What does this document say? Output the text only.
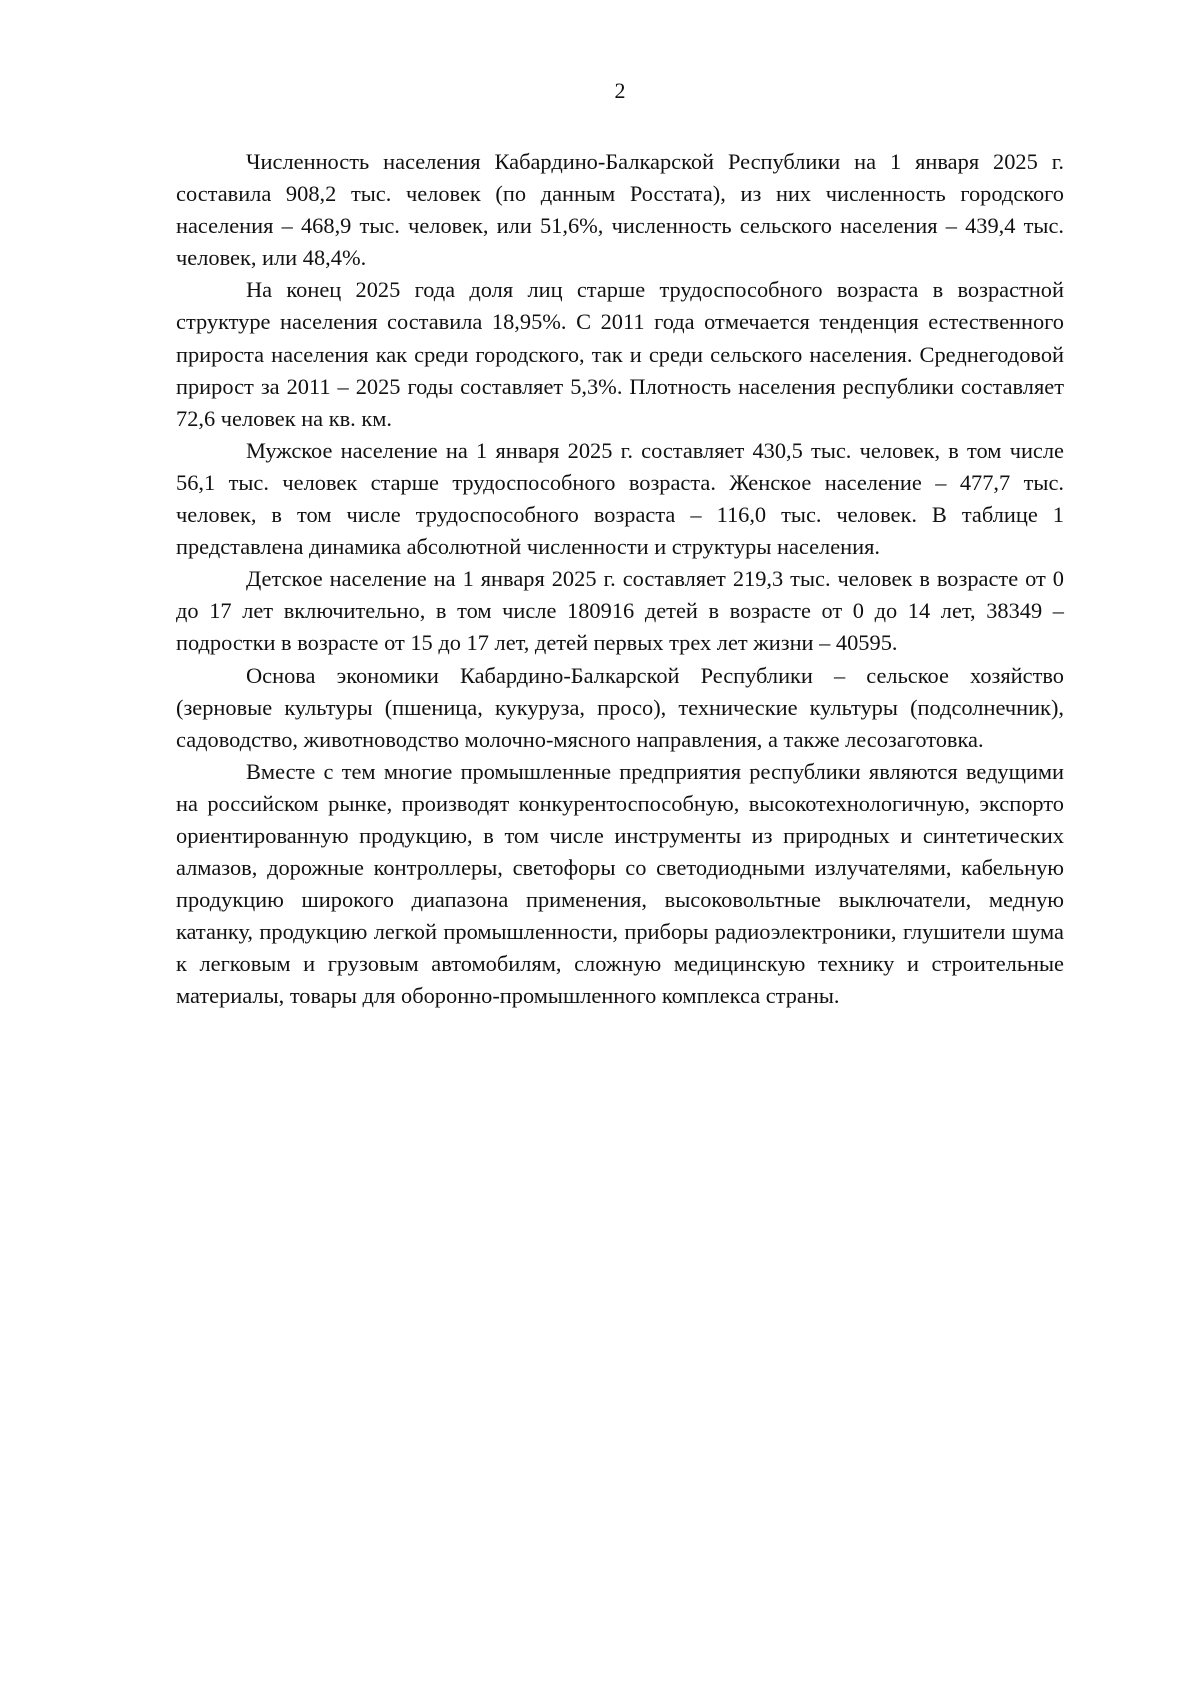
2

Численность населения Кабардино-Балкарской Республики на 1 января 2025 г. составила 908,2 тыс. человек (по данным Росстата), из них численность городского населения – 468,9 тыс. человек, или 51,6%, численность сельского населения – 439,4 тыс. человек, или 48,4%.

На конец 2025 года доля лиц старше трудоспособного возраста в возрастной структуре населения составила 18,95%. С 2011 года отмечается тенденция естественного прироста населения как среди городского, так и среди сельского населения. Среднегодовой прирост за 2011 – 2025 годы составляет 5,3%. Плотность населения республики составляет 72,6 человек на кв. км.

Мужское население на 1 января 2025 г. составляет 430,5 тыс. человек, в том числе 56,1 тыс. человек старше трудоспособного возраста. Женское население – 477,7 тыс. человек, в том числе трудоспособного возраста – 116,0 тыс. человек. В таблице 1 представлена динамика абсолютной численности и структуры населения.

Детское население на 1 января 2025 г. составляет 219,3 тыс. человек в возрасте от 0 до 17 лет включительно, в том числе 180916 детей в возрасте от 0 до 14 лет, 38349 – подростки в возрасте от 15 до 17 лет, детей первых трех лет жизни – 40595.

Основа экономики Кабардино-Балкарской Республики – сельское хозяйство (зерновые культуры (пшеница, кукуруза, просо), технические культуры (подсолнечник), садоводство, животноводство молочно-мясного направления, а также лесозаготовка.

Вместе с тем многие промышленные предприятия республики являются ведущими на российском рынке, производят конкурентоспособную, высокотехнологичную, экспорто ориентированную продукцию, в том числе инструменты из природных и синтетических алмазов, дорожные контроллеры, светофоры со светодиодными излучателями, кабельную продукцию широкого диапазона применения, высоковольтные выключатели, медную катанку, продукцию легкой промышленности, приборы радиоэлектроники, глушители шума к легковым и грузовым автомобилям, сложную медицинскую технику и строительные материалы, товары для оборонно-промышленного комплекса страны.
